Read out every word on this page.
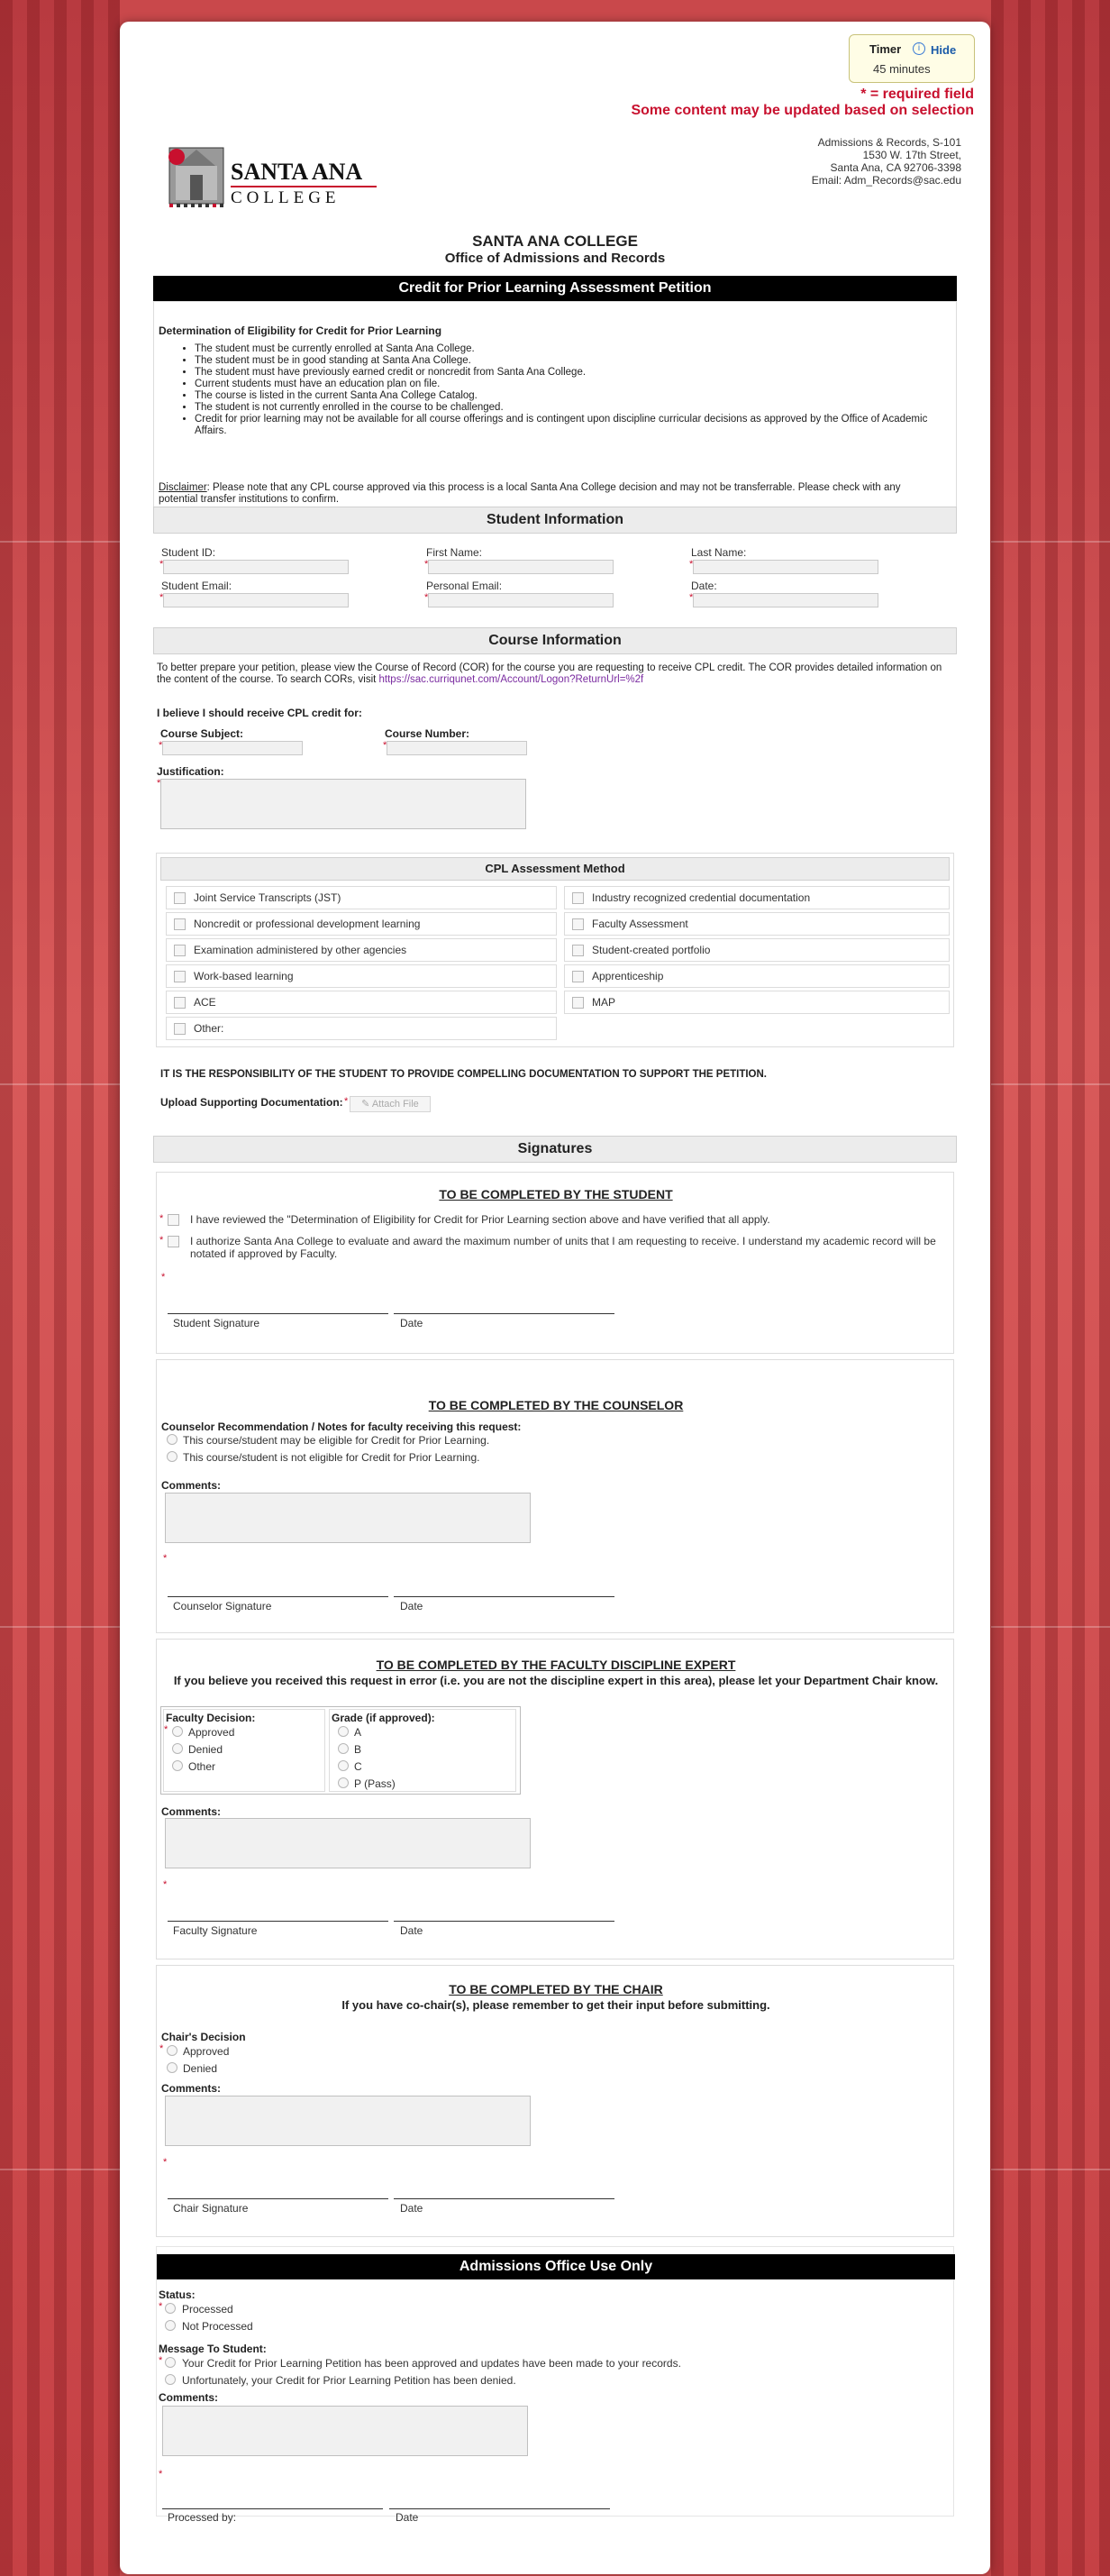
Timer	i Hide
45 minutes
* = required field
Some content may be updated based on selection
SANTA ANA
COLLEGE
Admissions & Records, S-101
1530 W. 17th Street,
Santa Ana, CA 92706-3398
Email: Adm_Records@sac.edu
SANTA ANA COLLEGE
Office of Admissions and Records
Credit for Prior Learning Assessment Petition
Determination of Eligibility for Credit for Prior Learning
• The student must be currently enrolled at Santa Ana College.
• The student must be in good standing at Santa Ana College.
• The student must have previously earned credit or noncredit from Santa Ana College.
• Current students must have an education plan on file.
• The course is listed in the current Santa Ana College Catalog.
• The student is not currently enrolled in the course to be challenged.
• Credit for prior learning may not be available for all course offerings and is contingent upon discipline curricular decisions as approved by the Office of Academic Affairs.
Disclaimer: Please note that any CPL course approved via this process is a local Santa Ana College decision and may not be transferrable. Please check with any potential transfer institutions to confirm.
Student Information
Student ID:
*
First Name:
*
Last Name:
*
Student Email:
*
Personal Email:
*
Date:
*
Course Information
To better prepare your petition, please view the Course of Record (COR) for the course you are requesting to receive CPL credit. The COR provides detailed information on the content of the course. To search CORs, visit https://sac.curriqunet.com/Account/Logon?ReturnUrl=%2f
I believe I should receive CPL credit for:
Course Subject:
*
Course Number:
*
Justification:
*
CPL Assessment Method
Joint Service Transcripts (JST)
Noncredit or professional development learning
Examination administered by other agencies
Work-based learning
ACE
Other:
Industry recognized credential documentation
Faculty Assessment
Student-created portfolio
Apprenticeship
MAP
IT IS THE RESPONSIBILITY OF THE STUDENT TO PROVIDE COMPELLING DOCUMENTATION TO SUPPORT THE PETITION.
Upload Supporting Documentation: *	✎ Attach File
Signatures
TO BE COMPLETED BY THE STUDENT
* I have reviewed the "Determination of Eligibility for Credit for Prior Learning section above and have verified that all apply.
* I authorize Santa Ana College to evaluate and award the maximum number of units that I am requesting to receive. I understand my academic record will be notated if approved by Faculty.
*
Student Signature	Date
TO BE COMPLETED BY THE COUNSELOR
Counselor Recommendation / Notes for faculty receiving this request:
This course/student may be eligible for Credit for Prior Learning.
This course/student is not eligible for Credit for Prior Learning.
Comments:
*
Counselor Signature	Date
TO BE COMPLETED BY THE FACULTY DISCIPLINE EXPERT
If you believe you received this request in error (i.e. you are not the discipline expert in this area), please let your Department Chair know.
Faculty Decision:
* Approved
Denied
Other
Grade (if approved):
A
B
C
P (Pass)
Comments:
*
Faculty Signature	Date
TO BE COMPLETED BY THE CHAIR
If you have co-chair(s), please remember to get their input before submitting.
Chair's Decision
* Approved
Denied
Comments:
*
Chair Signature	Date
Admissions Office Use Only
Status:
* Processed
Not Processed
Message To Student:
* Your Credit for Prior Learning Petition has been approved and updates have been made to your records.
Unfortunately, your Credit for Prior Learning Petition has been denied.
Comments:
*
Processed by:	Date
